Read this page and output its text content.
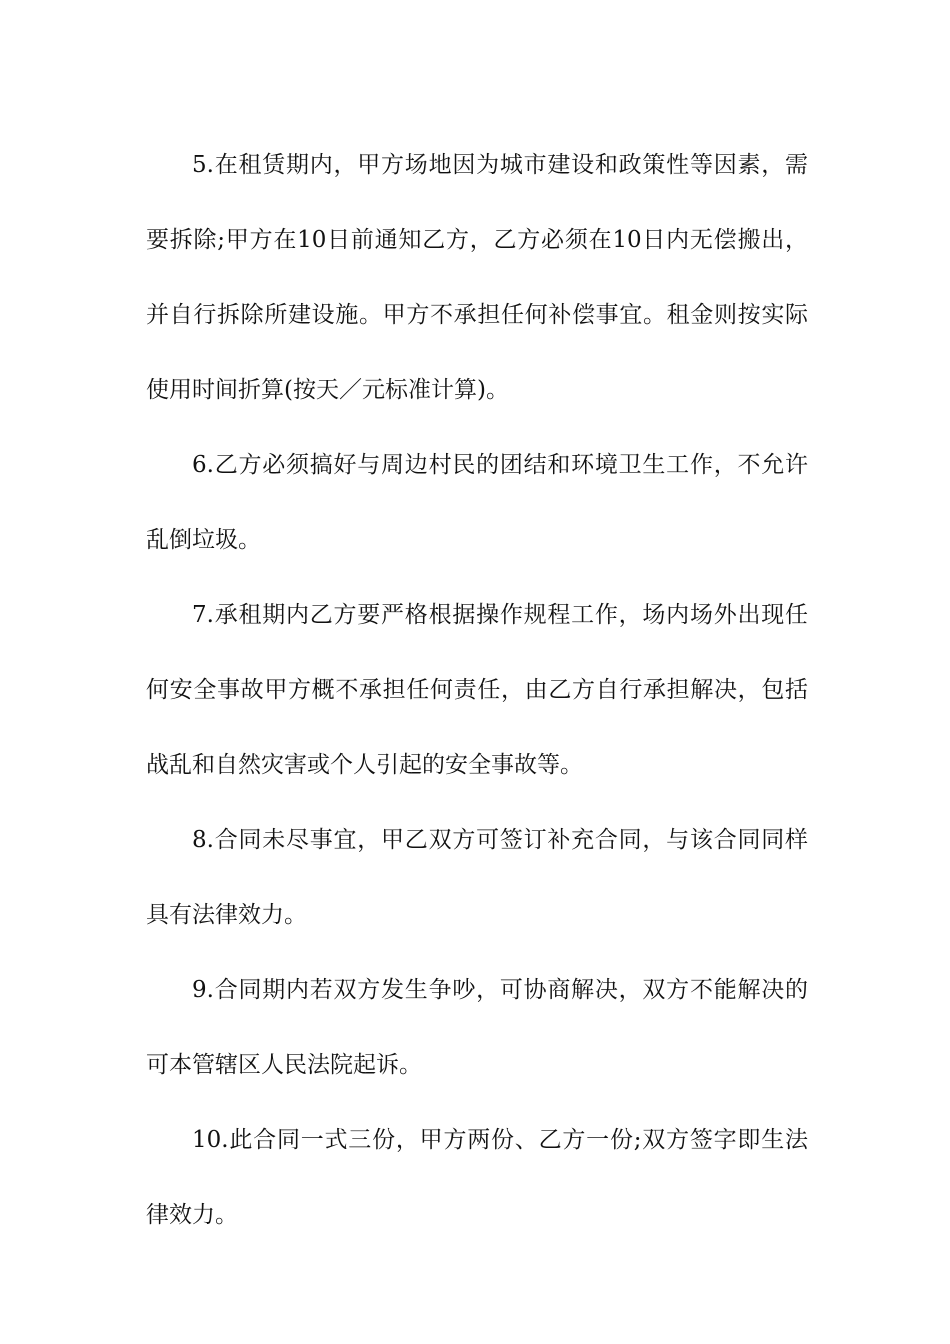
5.在租赁期内，甲方场地因为城市建设和政策性等因素，需要拆除;甲方在10日前通知乙方，乙方必须在10日内无偿搬出，并自行拆除所建设施。甲方不承担任何补偿事宜。租金则按实际使用时间折算(按天／元标准计算)。

6.乙方必须搞好与周边村民的团结和环境卫生工作，不允许乱倒垃圾。

7.承租期内乙方要严格根据操作规程工作，场内场外出现任何安全事故甲方概不承担任何责任，由乙方自行承担解决，包括战乱和自然灾害或个人引起的安全事故等。

8.合同未尽事宜，甲乙双方可签订补充合同，与该合同同样具有法律效力。

9.合同期内若双方发生争吵，可协商解决，双方不能解决的可本管辖区人民法院起诉。

10.此合同一式三份，甲方两份、乙方一份;双方签字即生法律效力。
